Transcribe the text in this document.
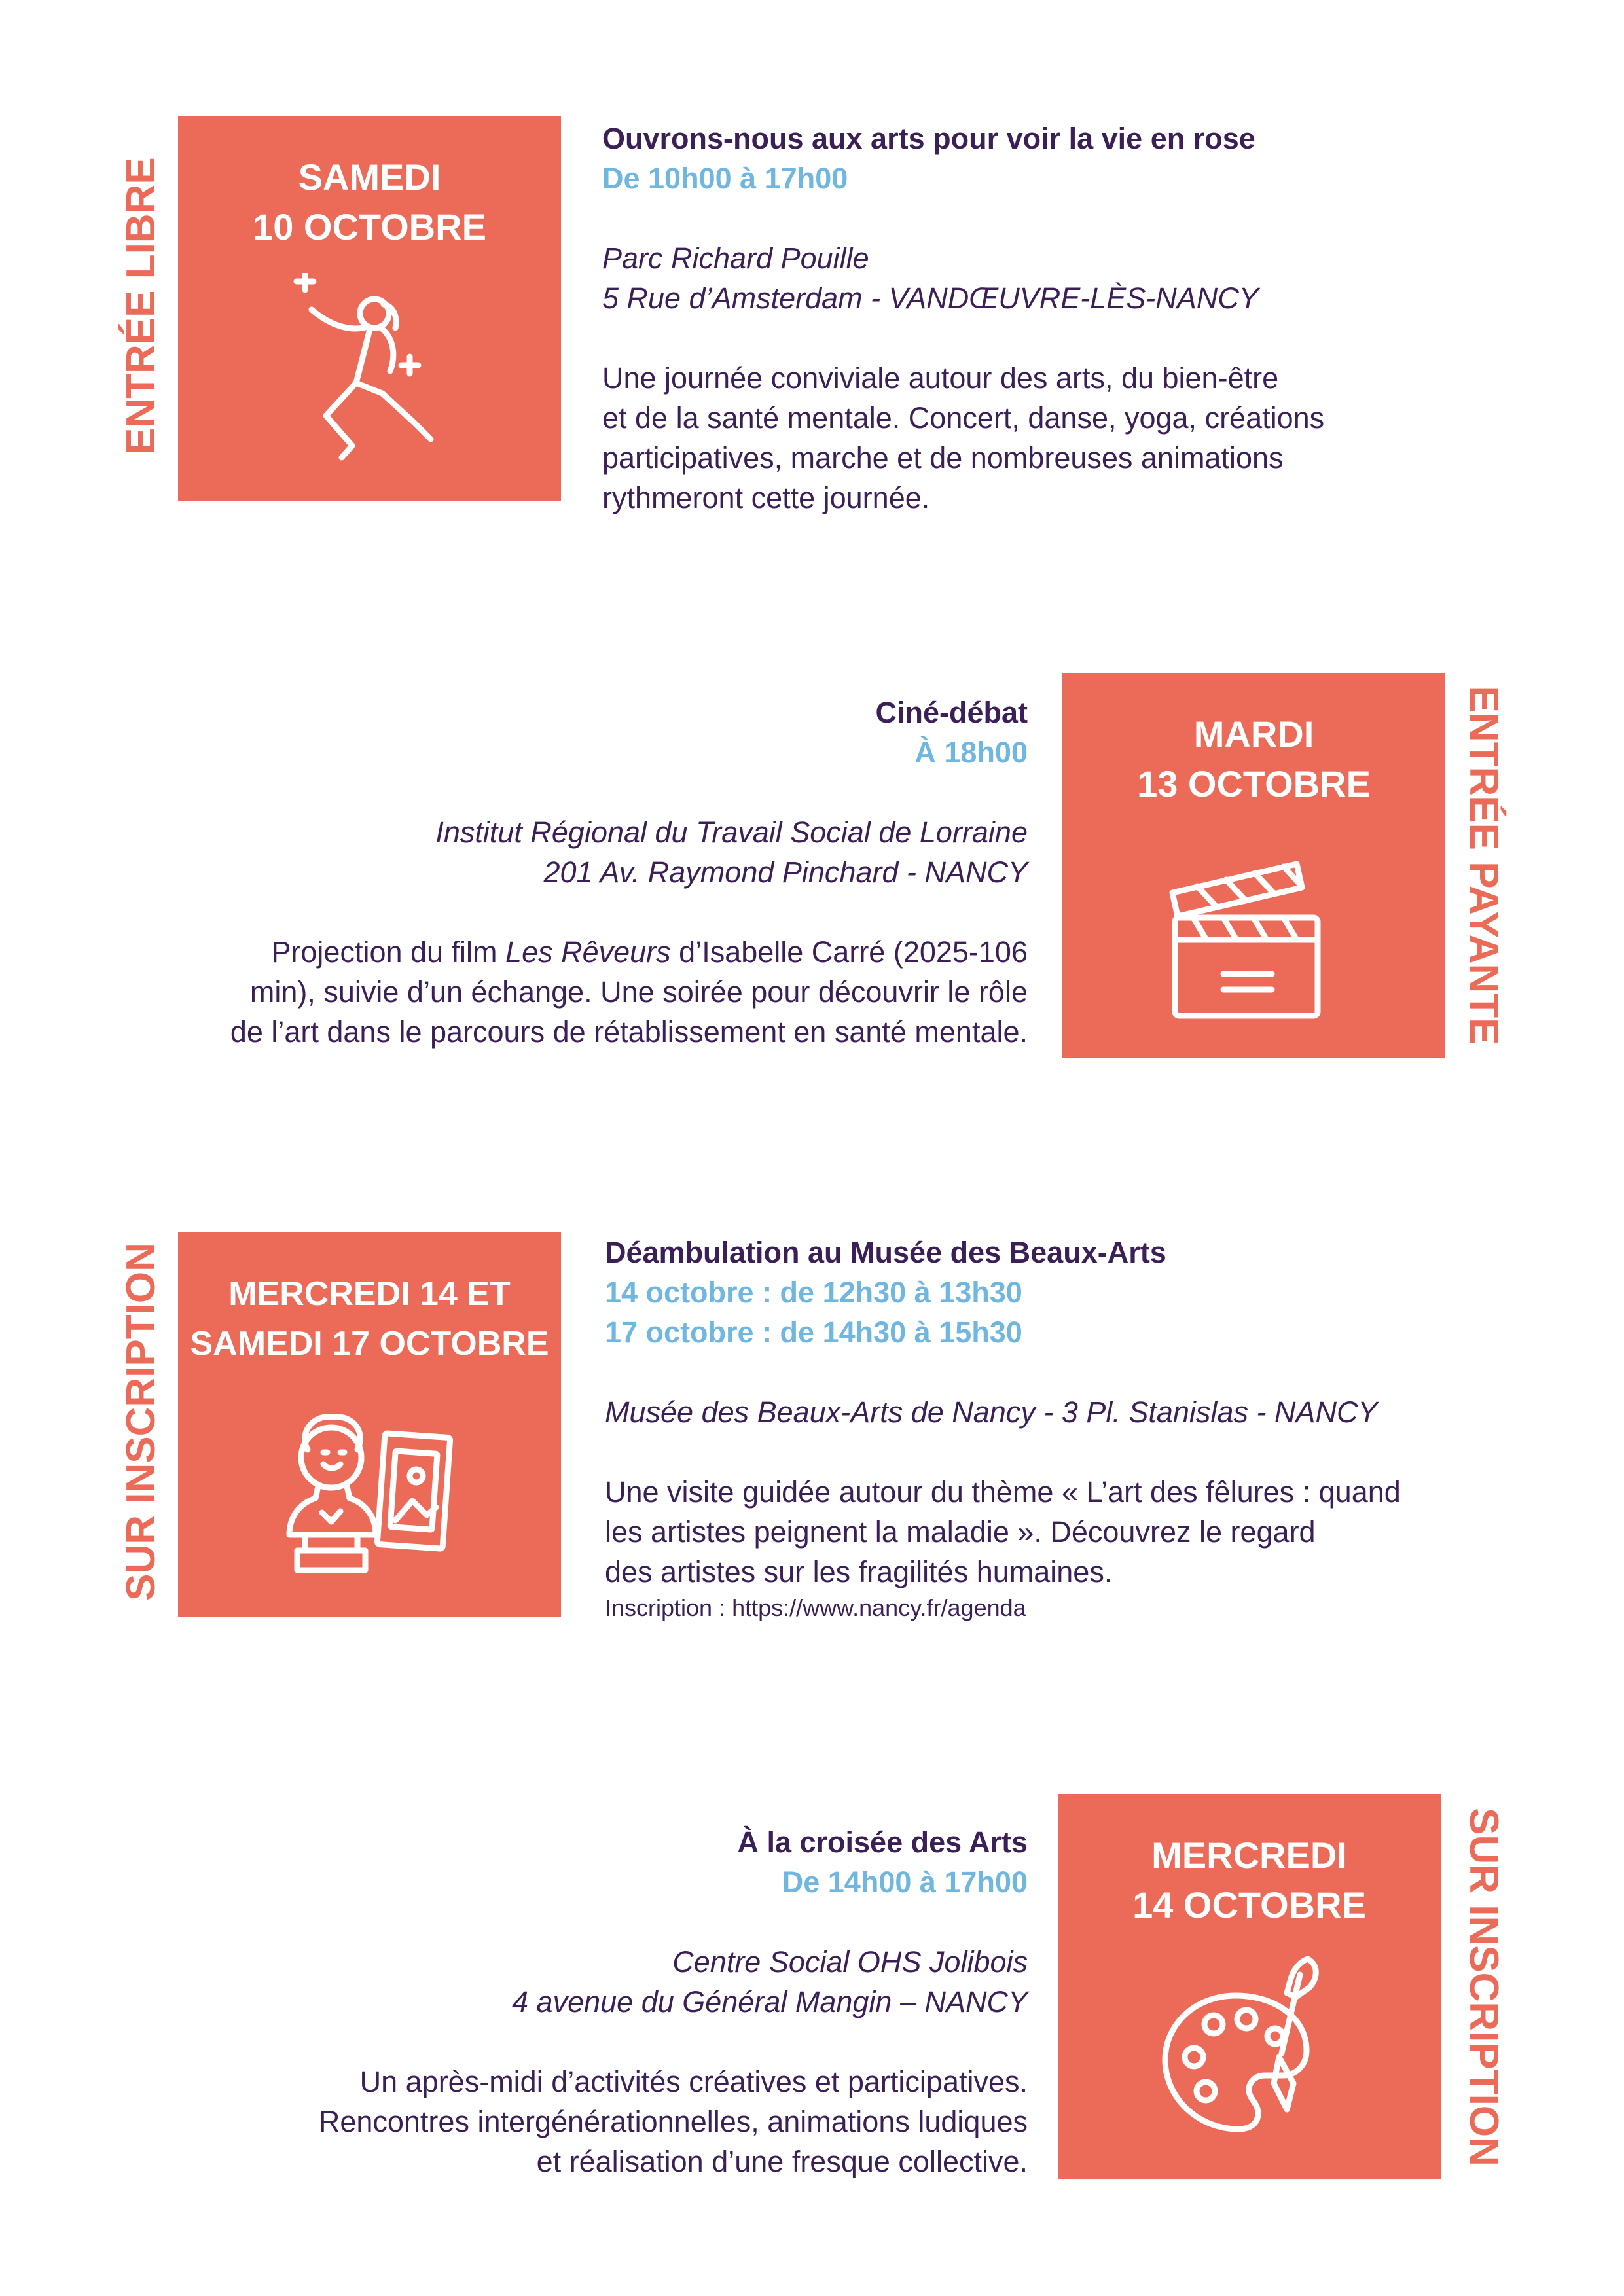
ENTRÉE LIBRE	SAMEDI
10 OCTOBRE
Ouvrons-nous aux arts pour voir la vie en rose
De 10h00 à 17h00
Parc Richard Pouille
5 Rue d’Amsterdam - VANDŒUVRE-LÈS-NANCY
Une journée conviviale autour des arts, du bien-être
et de la santé mentale. Concert, danse, yoga, créations
participatives, marche et de nombreuses animations
rythmeront cette journée.
Ciné-débat
À 18h00
Institut Régional du Travail Social de Lorraine
201 Av. Raymond Pinchard - NANCY
Projection du film Les Rêveurs d’Isabelle Carré (2025-106
min), suivie d’un échange. Une soirée pour découvrir le rôle
de l’art dans le parcours de rétablissement en santé mentale.
MARDI
13 OCTOBRE	ENTRÉE PAYANTE
SUR INSCRIPTION	MERCREDI 14 ET
SAMEDI 17 OCTOBRE
Déambulation au Musée des Beaux-Arts
14 octobre : de 12h30 à 13h30
17 octobre : de 14h30 à 15h30
Musée des Beaux-Arts de Nancy - 3 Pl. Stanislas - NANCY
Une visite guidée autour du thème « L’art des fêlures : quand
les artistes peignent la maladie ». Découvrez le regard
des artistes sur les fragilités humaines.
Inscription : https://www.nancy.fr/agenda
À la croisée des Arts
De 14h00 à 17h00
Centre Social OHS Jolibois
4 avenue du Général Mangin – NANCY
Un après-midi d’activités créatives et participatives.
Rencontres intergénérationnelles, animations ludiques
et réalisation d’une fresque collective.
MERCREDI
14 OCTOBRE	SUR INSCRIPTION
